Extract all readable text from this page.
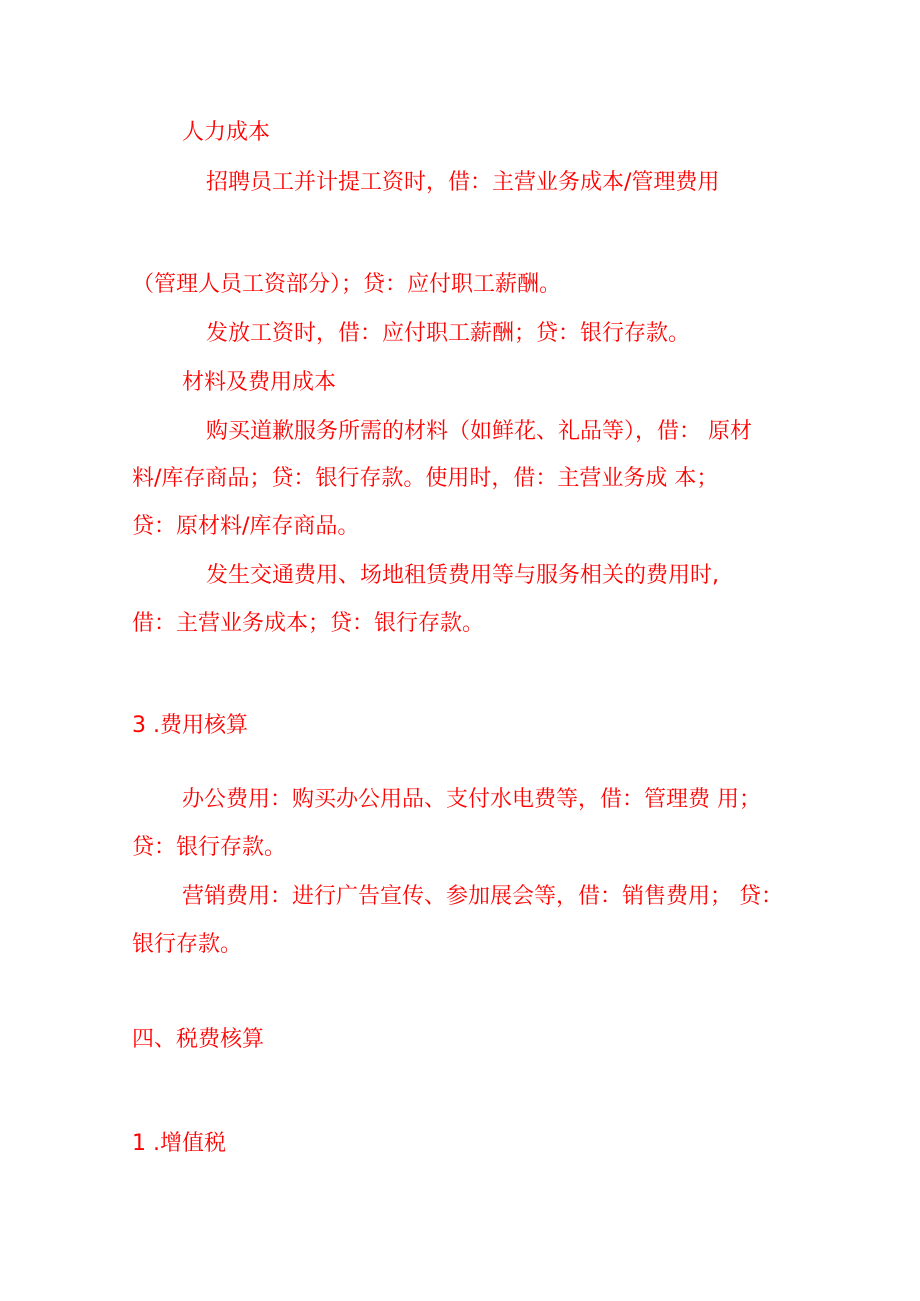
人力成本
招聘员工并计提工资时，借：主营业务成本/管理费用
（管理人员工资部分）；贷：应付职工薪酬。
发放工资时，借：应付职工薪酬；贷：银行存款。
材料及费用成本
购买道歉服务所需的材料（如鲜花、礼品等），借： 原材
料/库存商品；贷：银行存款。使用时，借：主营业务成 本；
贷：原材料/库存商品。
发生交通费用、场地租赁费用等与服务相关的费用时,
借：主营业务成本；贷：银行存款。
3 .费用核算
办公费用：购买办公用品、支付水电费等，借：管理费 用；
贷：银行存款。
营销费用：进行广告宣传、参加展会等，借：销售费用； 贷：
银行存款。
四、税费核算
1 .增值税
